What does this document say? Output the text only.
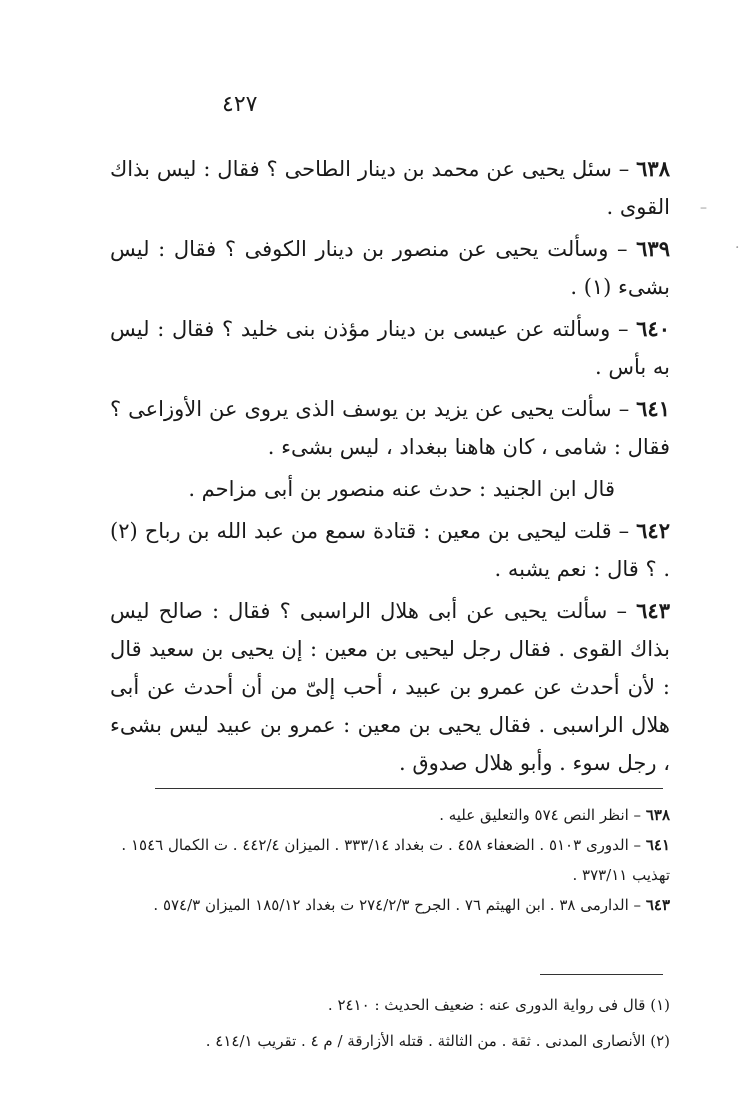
٤٢٧
–
·

٦٣٨ – سئل يحيى عن محمد بن دينار الطاحى ؟ فقال : ليس بذاك القوى .

٦٣٩ – وسألت يحيى عن منصور بن دينار الكوفى ؟ فقال : ليس بشىء (١) .

٦٤٠ – وسألته عن عيسى بن دينار مؤذن بنى خليد ؟ فقال : ليس به بأس .

٦٤١ – سألت يحيى عن يزيد بن يوسف الذى يروى عن الأوزاعى ؟ فقال : شامى ، كان هاهنا ببغداد ، ليس بشىء .

قال ابن الجنيد : حدث عنه منصور بن أبى مزاحم .

٦٤٢ – قلت ليحيى بن معين : قتادة سمع من عبد الله بن رباح (٢) . ؟ قال : نعم يشبه .

٦٤٣ – سألت يحيى عن أبى هلال الراسبى ؟ فقال : صالح ليس بذاك القوى . فقال رجل ليحيى بن معين : إن يحيى بن سعيد قال : لأن أحدث عن عمرو بن عبيد ، أحب إلىّ من أن أحدث عن أبى هلال الراسبى . فقال يحيى بن معين : عمرو بن عبيد ليس بشىء ، رجل سوء . وأبو هلال صدوق .

٦٣٨ – انظر النص ٥٧٤ والتعليق عليه .

٦٤١ – الدورى ٥١٠٣ . الضعفاء ٤٥٨ . ت بغداد ٣٣٣/١٤ . الميزان ٤٤٢/٤ . ت الكمال ١٥٤٦ . تهذيب ٣٧٣/١١ .

٦٤٣ – الدارمى ٣٨ . ابن الهيثم ٧٦ . الجرح ٢٧٤/٢/٣ ت بغداد ١٨٥/١٢ الميزان ٥٧٤/٣ .

(١) قال فى رواية الدورى عنه : ضعيف الحديث : ٢٤١٠ .

(٢) الأنصارى المدنى . ثقة . من الثالثة . قتله الأزارقة / م ٤ . تقريب ٤١٤/١ .
